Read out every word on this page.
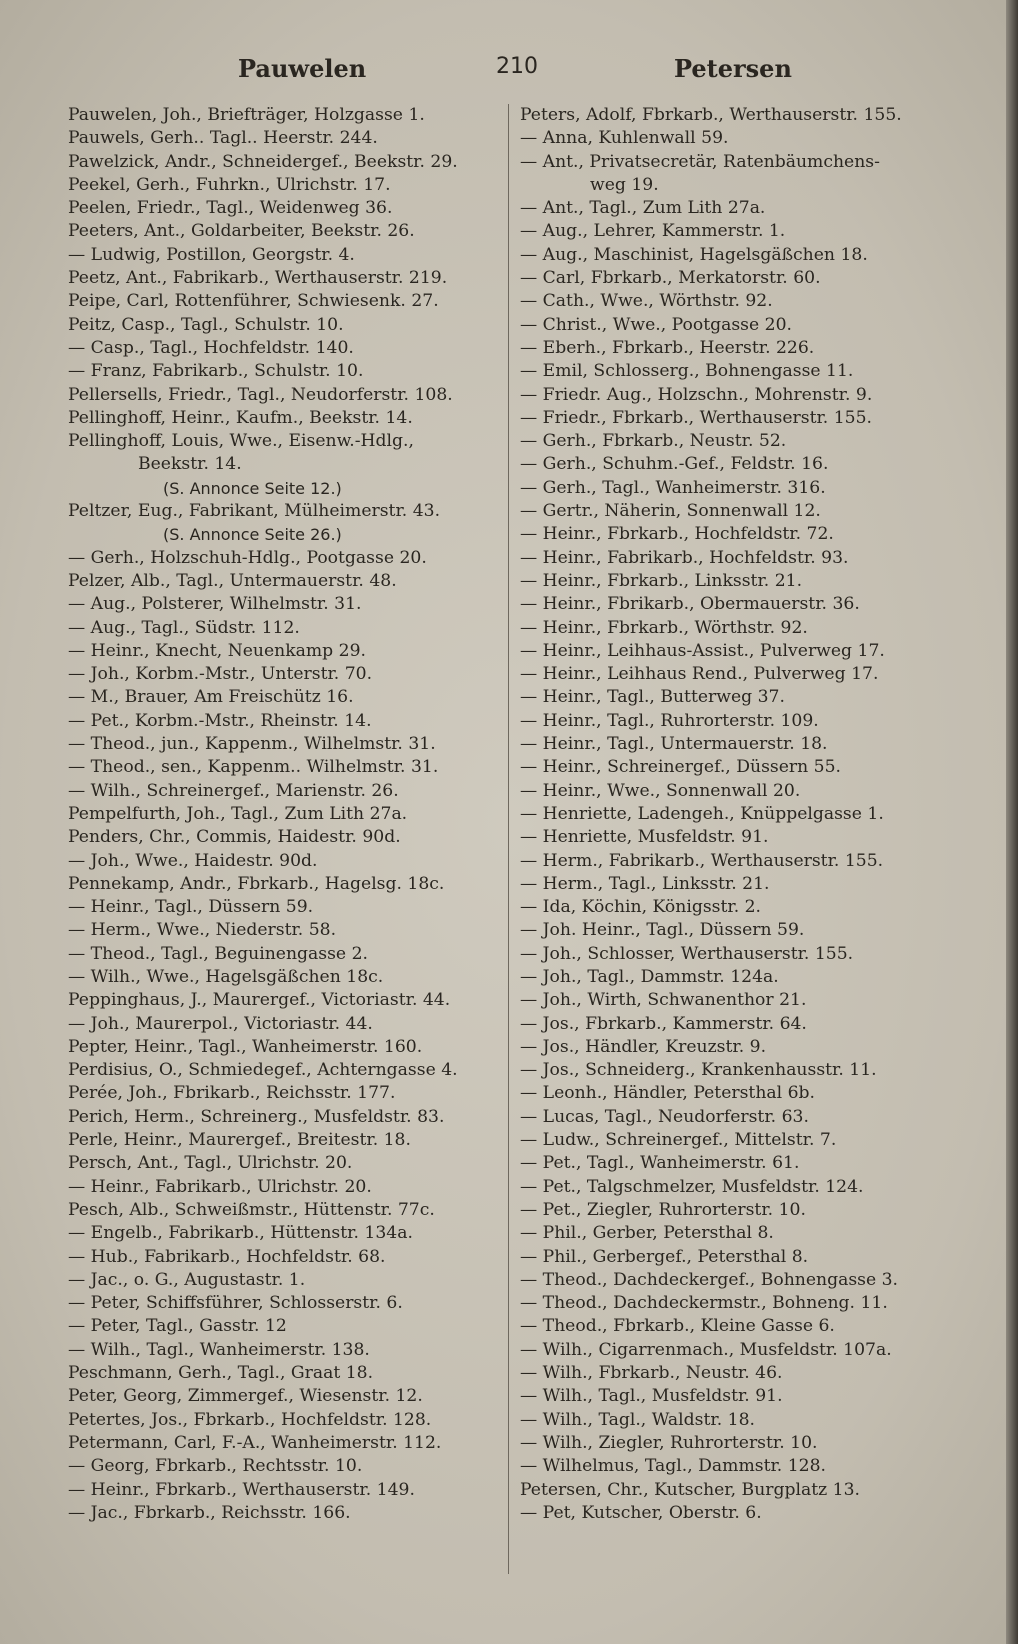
Pauwelen	210	Petersen
Pauwelen, Joh., Briefträger, Holzgasse 1.
Pauwels, Gerh.. Tagl.. Heerstr. 244.
Pawelzick, Andr., Schneidergef., Beekstr. 29.
Peekel, Gerh., Fuhrkn., Ulrichstr. 17.
Peelen, Friedr., Tagl., Weidenweg 36.
Peeters, Ant., Goldarbeiter, Beekstr. 26.
— Ludwig, Postillon, Georgstr. 4.
Peetz, Ant., Fabrikarb., Werthauserstr. 219.
Peipe, Carl, Rottenführer, Schwiesenk. 27.
Peitz, Casp., Tagl., Schulstr. 10.
— Casp., Tagl., Hochfeldstr. 140.
— Franz, Fabrikarb., Schulstr. 10.
Pellersells, Friedr., Tagl., Neudorferstr. 108.
Pellinghoff, Heinr., Kaufm., Beekstr. 14.
Pellinghoff, Louis, Wwe., Eisenw.-Hdlg.,
Beekstr. 14.
(S. Annonce Seite 12.)
Peltzer, Eug., Fabrikant, Mülheimerstr. 43.
(S. Annonce Seite 26.)
— Gerh., Holzschuh-Hdlg., Pootgasse 20.
Pelzer, Alb., Tagl., Untermauerstr. 48.
— Aug., Polsterer, Wilhelmstr. 31.
— Aug., Tagl., Südstr. 112.
— Heinr., Knecht, Neuenkamp 29.
— Joh., Korbm.-Mstr., Unterstr. 70.
— M., Brauer, Am Freischütz 16.
— Pet., Korbm.-Mstr., Rheinstr. 14.
— Theod., jun., Kappenm., Wilhelmstr. 31.
— Theod., sen., Kappenm.. Wilhelmstr. 31.
— Wilh., Schreinergef., Marienstr. 26.
Pempelfurth, Joh., Tagl., Zum Lith 27a.
Penders, Chr., Commis, Haidestr. 90d.
— Joh., Wwe., Haidestr. 90d.
Pennekamp, Andr., Fbrkarb., Hagelsg. 18c.
— Heinr., Tagl., Düssern 59.
— Herm., Wwe., Niederstr. 58.
— Theod., Tagl., Beguinengasse 2.
— Wilh., Wwe., Hagelsgäßchen 18c.
Peppinghaus, J., Maurergef., Victoriastr. 44.
— Joh., Maurerpol., Victoriastr. 44.
Pepter, Heinr., Tagl., Wanheimerstr. 160.
Perdisius, O., Schmiedegef., Achterngasse 4.
Perée, Joh., Fbrikarb., Reichsstr. 177.
Perich, Herm., Schreinerg., Musfeldstr. 83.
Perle, Heinr., Maurergef., Breitestr. 18.
Persch, Ant., Tagl., Ulrichstr. 20.
— Heinr., Fabrikarb., Ulrichstr. 20.
Pesch, Alb., Schweißmstr., Hüttenstr. 77c.
— Engelb., Fabrikarb., Hüttenstr. 134a.
— Hub., Fabrikarb., Hochfeldstr. 68.
— Jac., o. G., Augustastr. 1.
— Peter, Schiffsführer, Schlosserstr. 6.
— Peter, Tagl., Gasstr. 12
— Wilh., Tagl., Wanheimerstr. 138.
Peschmann, Gerh., Tagl., Graat 18.
Peter, Georg, Zimmergef., Wiesenstr. 12.
Petertes, Jos., Fbrkarb., Hochfeldstr. 128.
Petermann, Carl, F.-A., Wanheimerstr. 112.
— Georg, Fbrkarb., Rechtsstr. 10.
— Heinr., Fbrkarb., Werthauserstr. 149.
— Jac., Fbrkarb., Reichsstr. 166.
Peters, Adolf, Fbrkarb., Werthauserstr. 155.
— Anna, Kuhlenwall 59.
— Ant., Privatsecretär, Ratenbäumchens-
weg 19.
— Ant., Tagl., Zum Lith 27a.
— Aug., Lehrer, Kammerstr. 1.
— Aug., Maschinist, Hagelsgäßchen 18.
— Carl, Fbrkarb., Merkatorstr. 60.
— Cath., Wwe., Wörthstr. 92.
— Christ., Wwe., Pootgasse 20.
— Eberh., Fbrkarb., Heerstr. 226.
— Emil, Schlosserg., Bohnengasse 11.
— Friedr. Aug., Holzschn., Mohrenstr. 9.
— Friedr., Fbrkarb., Werthauserstr. 155.
— Gerh., Fbrkarb., Neustr. 52.
— Gerh., Schuhm.-Gef., Feldstr. 16.
— Gerh., Tagl., Wanheimerstr. 316.
— Gertr., Näherin, Sonnenwall 12.
— Heinr., Fbrkarb., Hochfeldstr. 72.
— Heinr., Fabrikarb., Hochfeldstr. 93.
— Heinr., Fbrkarb., Linksstr. 21.
— Heinr., Fbrikarb., Obermauerstr. 36.
— Heinr., Fbrkarb., Wörthstr. 92.
— Heinr., Leihhaus-Assist., Pulverweg 17.
— Heinr., Leihhaus Rend., Pulverweg 17.
— Heinr., Tagl., Butterweg 37.
— Heinr., Tagl., Ruhrorterstr. 109.
— Heinr., Tagl., Untermauerstr. 18.
— Heinr., Schreinergef., Düssern 55.
— Heinr., Wwe., Sonnenwall 20.
— Henriette, Ladengeh., Knüppelgasse 1.
— Henriette, Musfeldstr. 91.
— Herm., Fabrikarb., Werthauserstr. 155.
— Herm., Tagl., Linksstr. 21.
— Ida, Köchin, Königsstr. 2.
— Joh. Heinr., Tagl., Düssern 59.
— Joh., Schlosser, Werthauserstr. 155.
— Joh., Tagl., Dammstr. 124a.
— Joh., Wirth, Schwanenthor 21.
— Jos., Fbrkarb., Kammerstr. 64.
— Jos., Händler, Kreuzstr. 9.
— Jos., Schneiderg., Krankenhausstr. 11.
— Leonh., Händler, Petersthal 6b.
— Lucas, Tagl., Neudorferstr. 63.
— Ludw., Schreinergef., Mittelstr. 7.
— Pet., Tagl., Wanheimerstr. 61.
— Pet., Talgschmelzer, Musfeldstr. 124.
— Pet., Ziegler, Ruhrorterstr. 10.
— Phil., Gerber, Petersthal 8.
— Phil., Gerbergef., Petersthal 8.
— Theod., Dachdeckergef., Bohnengasse 3.
— Theod., Dachdeckermstr., Bohneng. 11.
— Theod., Fbrkarb., Kleine Gasse 6.
— Wilh., Cigarrenmach., Musfeldstr. 107a.
— Wilh., Fbrkarb., Neustr. 46.
— Wilh., Tagl., Musfeldstr. 91.
— Wilh., Tagl., Waldstr. 18.
— Wilh., Ziegler, Ruhrorterstr. 10.
— Wilhelmus, Tagl., Dammstr. 128.
Petersen, Chr., Kutscher, Burgplatz 13.
— Pet, Kutscher, Oberstr. 6.
